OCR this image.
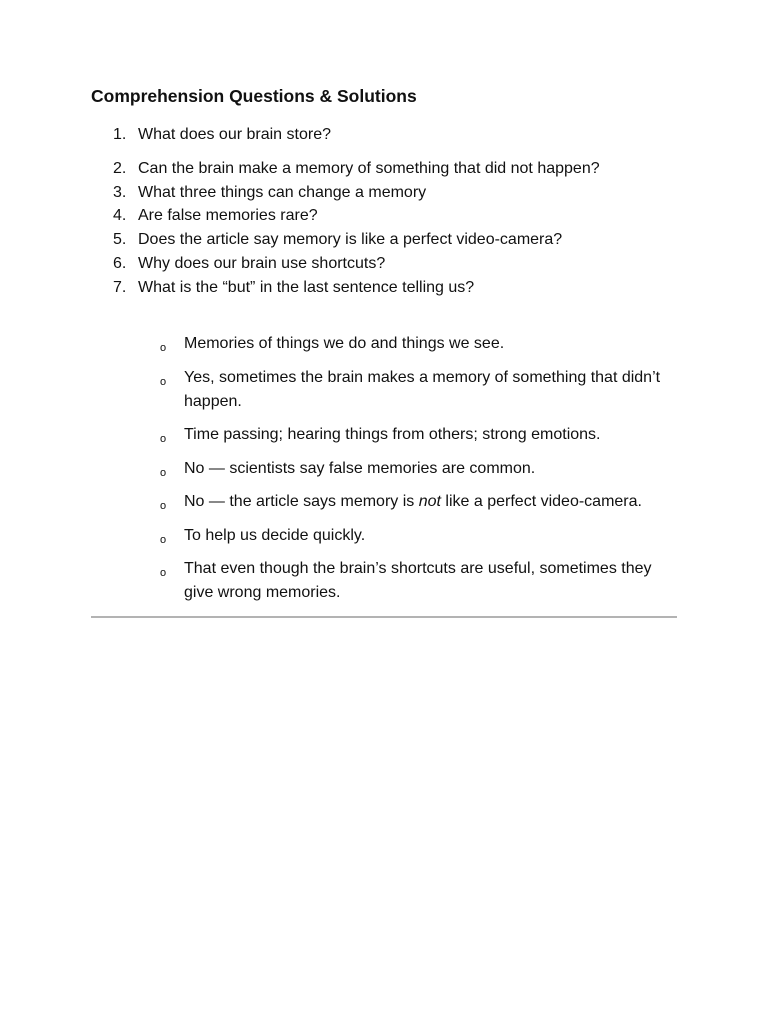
Comprehension Questions & Solutions
1. What does our brain store?
2. Can the brain make a memory of something that did not happen?
3. What three things can change a memory
4. Are false memories rare?
5. Does the article say memory is like a perfect video-camera?
6. Why does our brain use shortcuts?
7. What is the “but” in the last sentence telling us?
o Memories of things we do and things we see.
o Yes, sometimes the brain makes a memory of something that didn’t happen.
o Time passing; hearing things from others; strong emotions.
o No — scientists say false memories are common.
o No — the article says memory is not like a perfect video-camera.
o To help us decide quickly.
o That even though the brain’s shortcuts are useful, sometimes they give wrong memories.
